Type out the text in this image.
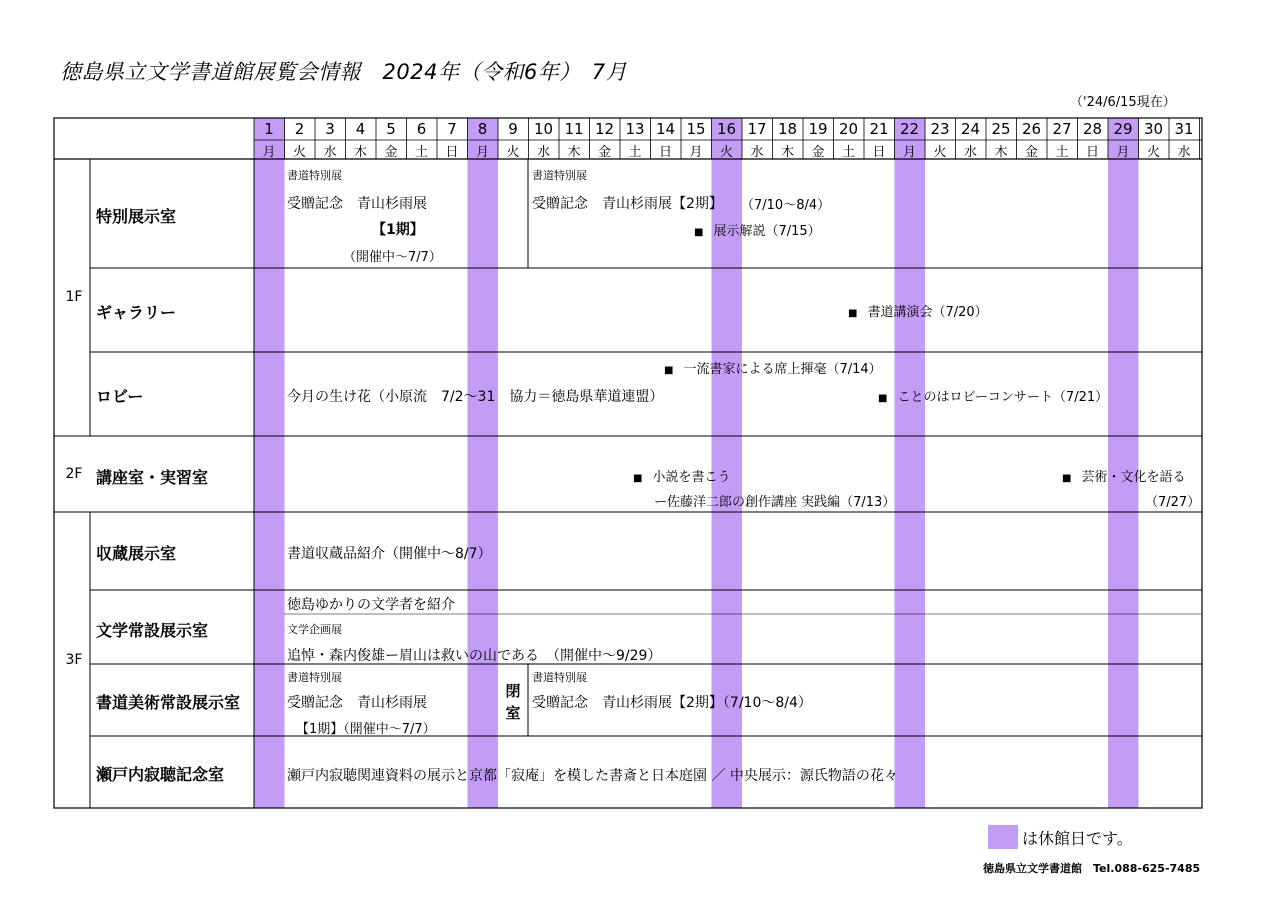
徳島県立文学書道館展覧会情報　2024年（令和6年）　7月
（'24/6/15現在）
1
月
2
火
3
水
4
木
5
金
6
土
7
日
8
月
9
火
10
水
11
木
12
金
13
土
14
日
15
月
16
火
17
水
18
木
19
金
20
土
21
日
22
月
23
火
24
水
25
木
26
金
27
土
28
日
29
月
30
火
31
水
1F
2F
3F
特別展示室
ギャラリー
ロビー
講座室・実習室
収蔵展示室
文学常設展示室
書道美術常設展示室
瀬戸内寂聴記念室
書道特別展
受贈記念　青山杉雨展
【1期】
（開催中～7/7）
書道特別展
受贈記念　青山杉雨展【2期】 （7/10～8/4）
■ 展示解説（7/15）
■ 書道講演会（7/20）
■ 一流書家による席上揮毫（7/14）
今月の生け花（小原流　7/2～31　協力＝徳島県華道連盟）	■ ことのはロビーコンサート（7/21）
■ 小説を書こう
ー佐藤洋二郎の創作講座 実践編（7/13）
■ 芸術・文化を語る
（7/27）
書道収蔵品紹介（開催中～8/7）
徳島ゆかりの文学者を紹介
文学企画展
追悼・森内俊雄ー眉山は救いの山である　（開催中～9/29）
書道特別展
受贈記念　青山杉雨展
【1期】（開催中～7/7）
閉室
書道特別展
受贈記念　青山杉雨展【2期】（7/10～8/4）
瀬戸内寂聴関連資料の展示と京都「寂庵」を模した書斎と日本庭園 ／ 中央展示：源氏物語の花々
は休館日です。
徳島県立文学書道館　Tel.088-625-7485
